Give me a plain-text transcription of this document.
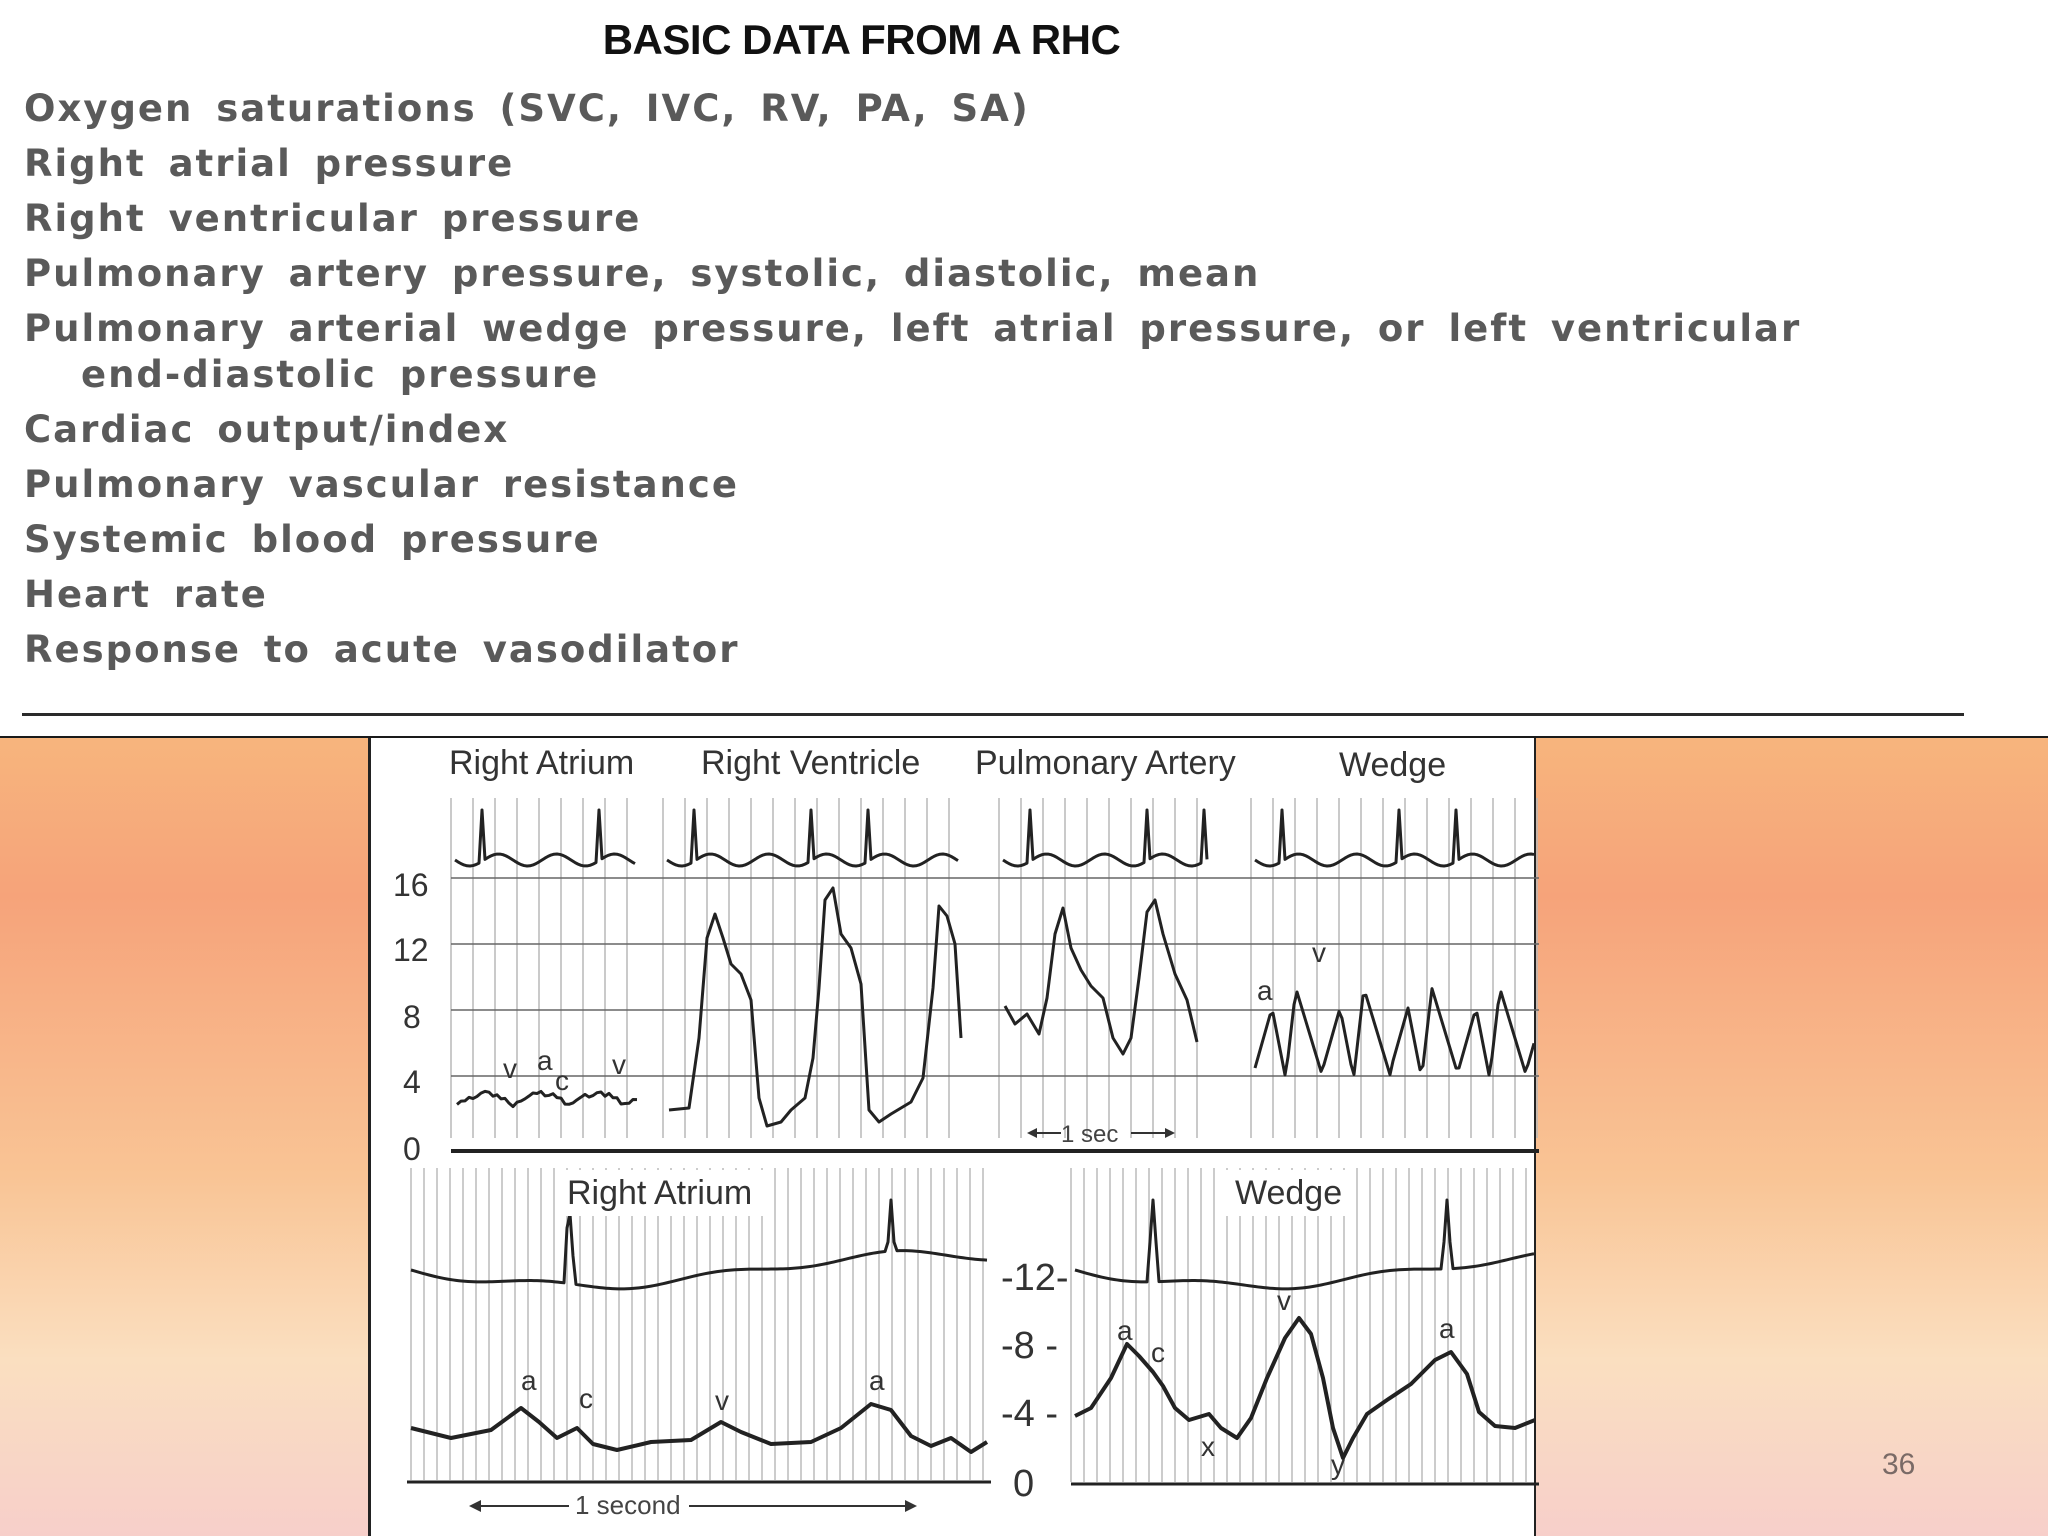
BASIC DATA FROM A RHC
Oxygen saturations (SVC, IVC, RV, PA, SA)
Right atrial pressure
Right ventricular pressure
Pulmonary artery pressure, systolic, diastolic, mean
Pulmonary arterial wedge pressure, left atrial pressure, or left ventricular
end-diastolic pressure
Cardiac output/index
Pulmonary vascular resistance
Systemic blood pressure
Heart rate
Response to acute vasodilator
Right Atrium Right Ventricle Pulmonary Artery	Wedge
16
12
8
4
0	1 sec
v a
c
v
a
v
Right Atrium	Wedge
-12-
-8 -
-4 -
0
a
c	v
a
a
c
v
a
x
y
1 second
36
